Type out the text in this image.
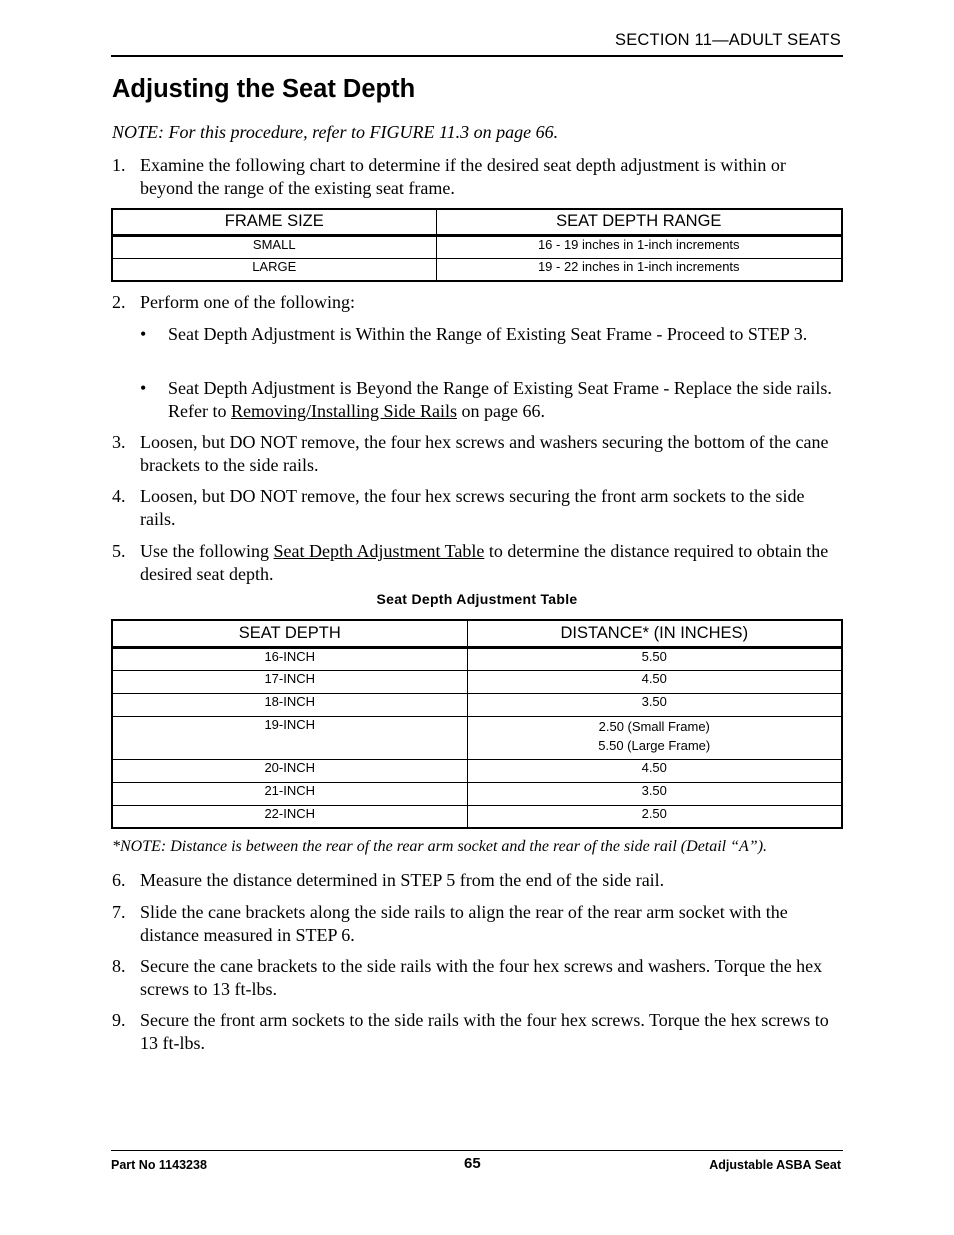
SECTION 11—ADULT SEATS
Adjusting the Seat Depth
NOTE: For this procedure, refer to FIGURE 11.3 on page 66.
1. Examine the following chart to determine if the desired seat depth adjustment is within or beyond the range of the existing seat frame.
FRAME SIZE	SEAT DEPTH RANGE
SMALL	16 - 19 inches in 1-inch increments
LARGE	19 - 22 inches in 1-inch increments
2. Perform one of the following:
• Seat Depth Adjustment is Within the Range of Existing Seat Frame - Proceed to STEP 3.
• Seat Depth Adjustment is Beyond the Range of Existing Seat Frame - Replace the side rails. Refer to Removing/Installing Side Rails on page 66.
3. Loosen, but DO NOT remove, the four hex screws and washers securing the bottom of the cane brackets to the side rails.
4. Loosen, but DO NOT remove, the four hex screws securing the front arm sockets to the side rails.
5. Use the following Seat Depth Adjustment Table to determine the distance required to obtain the desired seat depth.
Seat Depth Adjustment Table
SEAT DEPTH	DISTANCE* (IN INCHES)
16-INCH	5.50
17-INCH	4.50
18-INCH	3.50
19-INCH	2.50 (Small Frame)
5.50 (Large Frame)

20-INCH	4.50
21-INCH	3.50
22-INCH	2.50
*NOTE: Distance is between the rear of the rear arm socket and the rear of the side rail (Detail “A”).
6. Measure the distance determined in STEP 5 from the end of the side rail.
7. Slide the cane brackets along the side rails to align the rear of the rear arm socket with the distance measured in STEP 6.
8. Secure the cane brackets to the side rails with the four hex screws and washers. Torque the hex screws to 13 ft-lbs.
9. Secure the front arm sockets to the side rails with the four hex screws. Torque the hex screws to 13 ft-lbs.
Part No 1143238	65	Adjustable ASBA Seat
